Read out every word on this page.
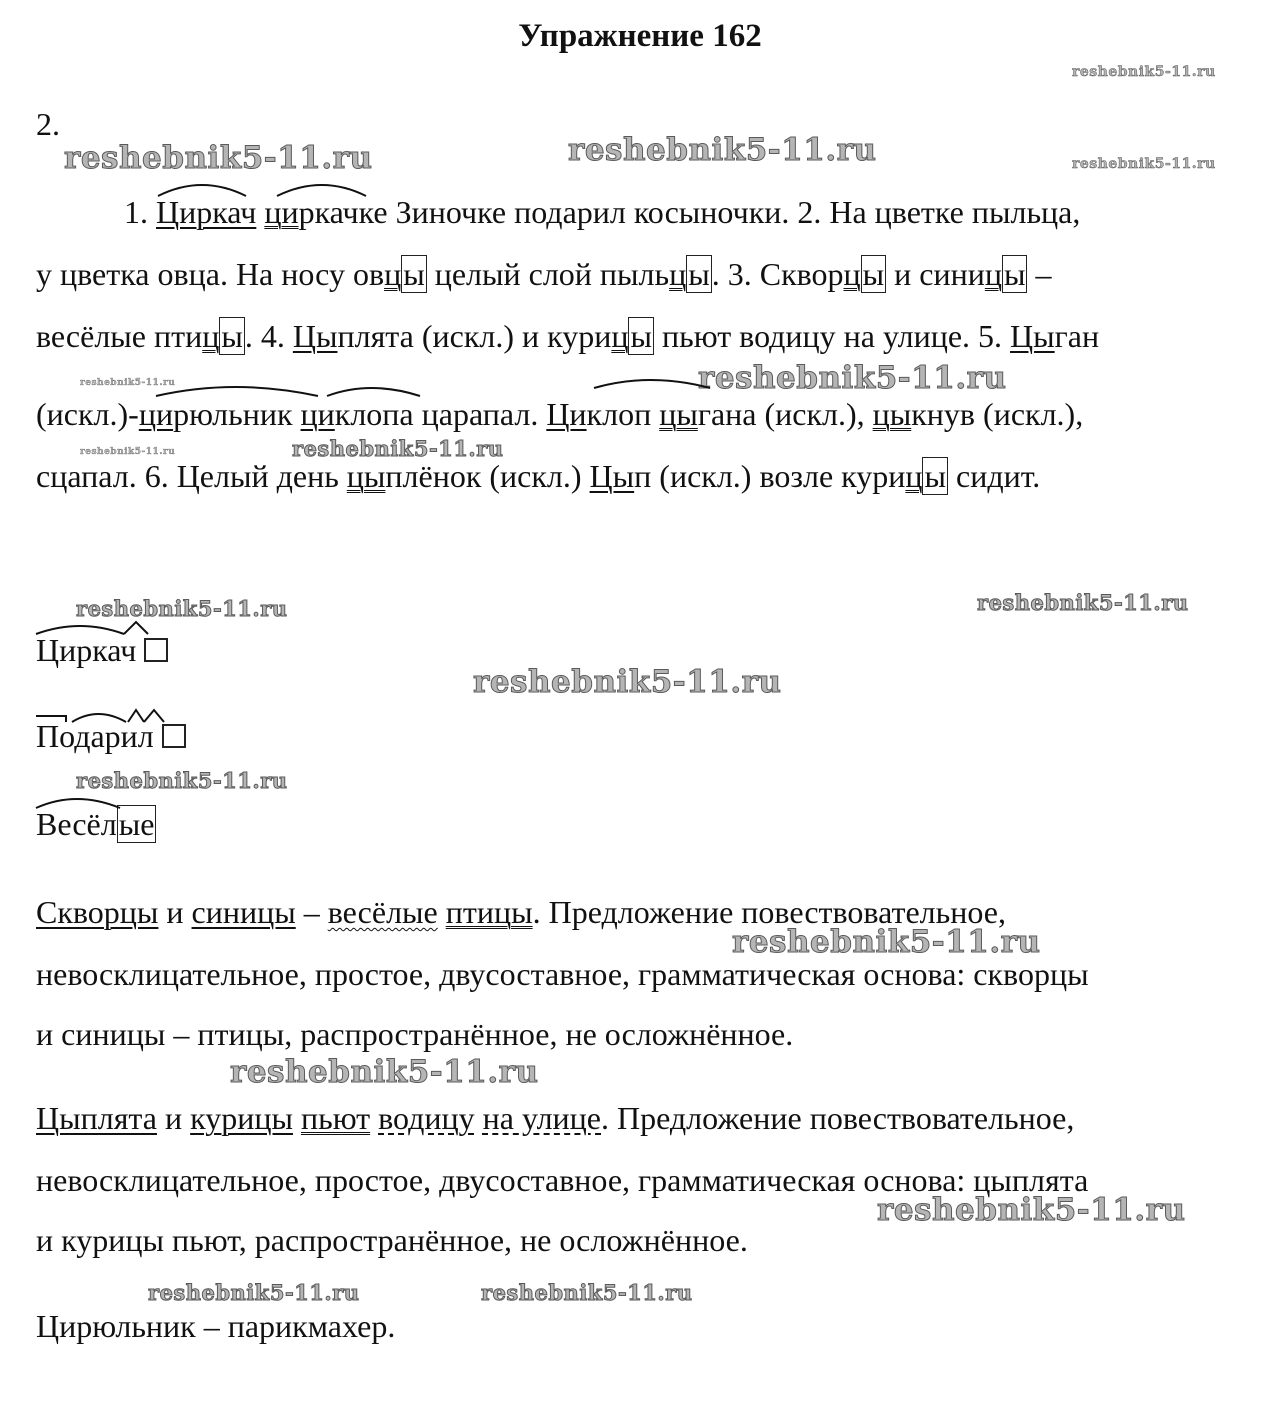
Упражнение 162
reshebnik5-11.ru
reshebnik5-11.ru	reshebnik5-11.ru	reshebnik5-11.ru
reshebnik5-11.ru	reshebnik5-11.ru
reshebnik5-11.ru	reshebnik5-11.ru
reshebnik5-11.ru	reshebnik5-11.ru
reshebnik5-11.ru
reshebnik5-11.ru
reshebnik5-11.ru
reshebnik5-11.ru
reshebnik5-11.ru
reshebnik5-11.ru	reshebnik5-11.ru
2.
1. Циркач циркачке Зиночке подарил косыночки. 2. На цветке пыльца,
у цветка овца. На носу овцы целый слой пыльцы. 3. Скворцы и синицы –
весёлые птицы. 4. Цыплята (искл.) и курицы пьют водицу на улице. 5. Цыган
(искл.)-цирюльник циклопа царапал. Циклоп цыгана (искл.), цыкнув (искл.),
сцапал. 6. Целый день цыплёнок (искл.) Цып (искл.) возле курицы сидит.
Циркач
Подарил
Весёлые
Скворцы и синицы – весёлые птицы. Предложение повествовательное,
невосклицательное, простое, двусоставное, грамматическая основа: скворцы
и синицы – птицы, распространённое, не осложнённое.
Цыплята и курицы пьют водицу на улице. Предложение повествовательное,
невосклицательное, простое, двусоставное, грамматическая основа: цыплята
и курицы пьют, распространённое, не осложнённое.
Цирюльник – парикмахер.
